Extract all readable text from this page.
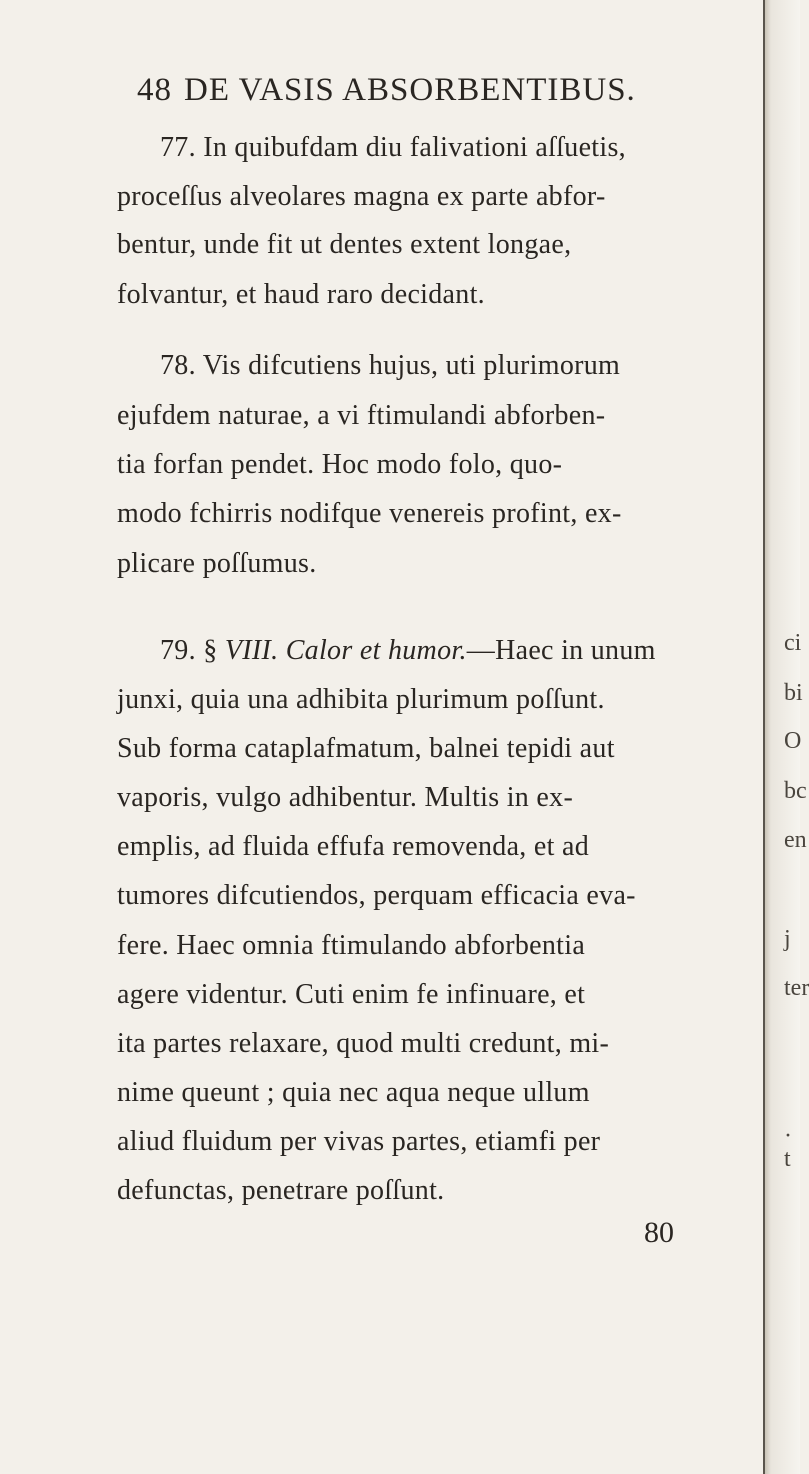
48 DE VASIS ABSORBENTIBUS.
77. In quibufdam diu falivationi aſſuetis,
proceſſus alveolares magna ex parte abfor-
bentur, unde fit ut dentes extent longae,
folvantur, et haud raro decidant.
78. Vis difcutiens hujus, uti plurimorum
ejufdem naturae, a vi ftimulandi abforben-
tia forfan pendet. Hoc modo folo, quo-
modo fchirris nodifque venereis profint, ex-
plicare poſſumus.
79. § VIII. Calor et humor.—Haec in unum
junxi, quia una adhibita plurimum poſſunt.
Sub forma cataplafmatum, balnei tepidi aut
vaporis, vulgo adhibentur. Multis in ex-
emplis, ad fluida effufa removenda, et ad
tumores difcutiendos, perquam efficacia eva-
fere. Haec omnia ftimulando abforbentia
agere videntur. Cuti enim fe infinuare, et
ita partes relaxare, quod multi credunt, mi-
nime queunt ; quia nec aqua neque ullum
aliud fluidum per vivas partes, etiamfi per
defunctas, penetrare poſſunt.
80
ci
bi
O
bc
en
j
ter
·
t
